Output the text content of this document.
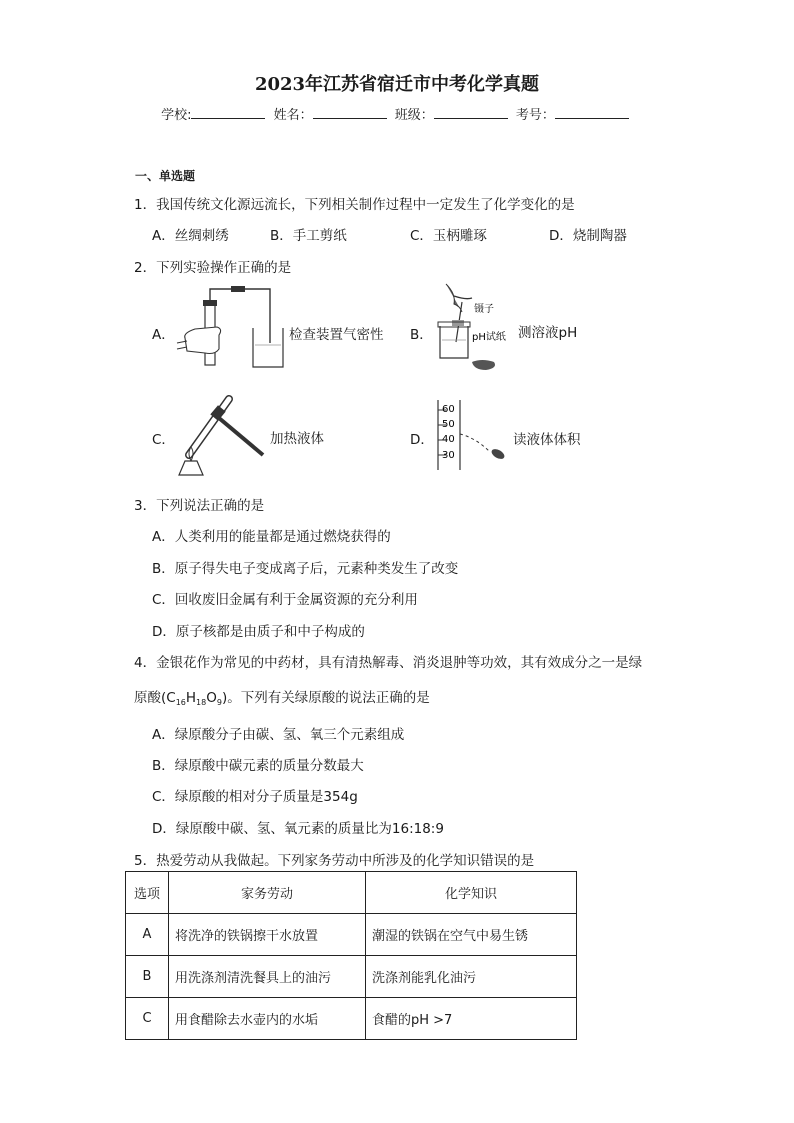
2023年江苏省宿迁市中考化学真题
学校:	姓名：	班级：	考号：
一、单选题
1．我国传统文化源远流长，下列相关制作过程中一定发生了化学变化的是
A．丝绸刺绣	B．手工剪纸	C．玉柄雕琢	D．烧制陶器
2．下列实验操作正确的是
A．	检查装置气密性 B．
镊子
pH试纸 测溶液pH
C．	加热液体	D．
60
50
40
30
读液体体积
3．下列说法正确的是
A．人类利用的能量都是通过燃烧获得的
B．原子得失电子变成离子后，元素种类发生了改变
C．回收废旧金属有利于金属资源的充分利用
D．原子核都是由质子和中子构成的
4．金银花作为常见的中药材，具有清热解毒、消炎退肿等功效，其有效成分之一是绿
原酸$(C_{16}H_{18}O_9)$。下列有关绿原酸的说法正确的是
A．绿原酸分子由碳、氢、氧三个元素组成
B．绿原酸中碳元素的质量分数最大
C．绿原酸的相对分子质量是354g
D．绿原酸中碳、氢、氧元素的质量比为16:18:9
5．热爱劳动从我做起。下列家务劳动中所涉及的化学知识错误的是
选项	家务劳动	化学知识
A	将洗净的铁锅擦干水放置	潮湿的铁锅在空气中易生锈
B	用洗涤剂清洗餐具上的油污	洗涤剂能乳化油污
C	用食醋除去水壶内的水垢	食醋的pH >7
